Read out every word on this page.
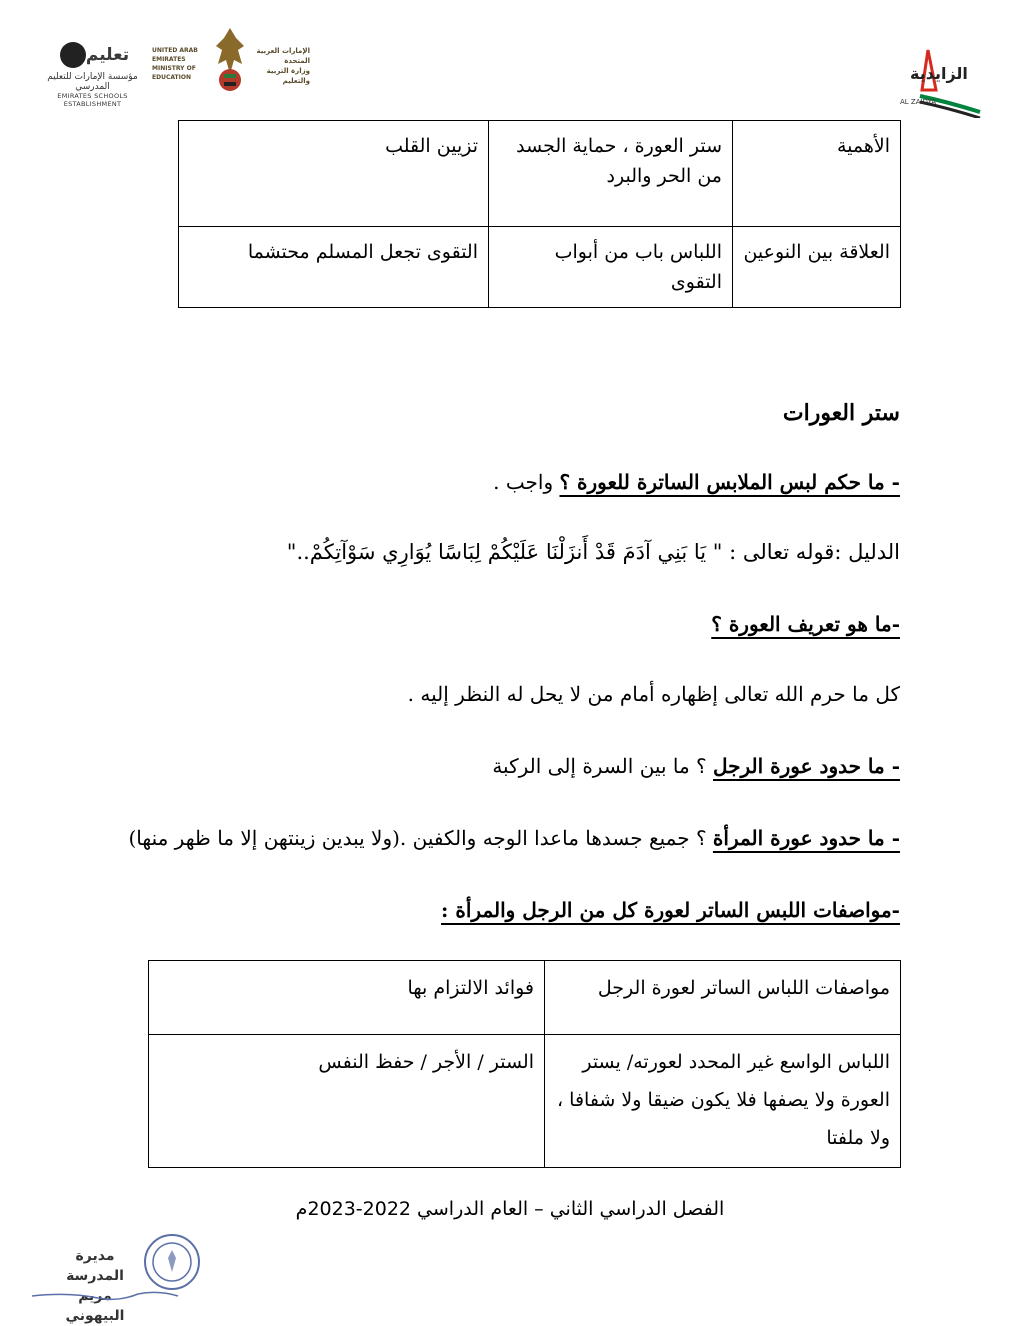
تعليم
مؤسسة الإمارات للتعليم المدرسي
EMIRATES SCHOOLS ESTABLISHMENT
UNITED ARAB EMIRATES
MINISTRY OF EDUCATION
الإمارات العربية المتحدة
وزارة التربية والتعليم	الزايدية
AL ZAIDYA
الأهمية	ستر العورة ، حماية الجسد من الحر والبرد	تزيين القلب
العلاقة بين النوعين	اللباس باب من أبواب التقوى	التقوى تجعل المسلم محتشما
ستر العورات
- ما حكم لبس الملابس الساترة للعورة ؟ واجب .
الدليل :قوله تعالى : " يَا بَنِي آدَمَ قَدْ أَنزَلْنَا عَلَيْكُمْ لِبَاسًا يُوَارِي سَوْآتِكُمْ.."
-ما هو تعريف العورة ؟
كل ما حرم الله تعالى إظهاره أمام من لا يحل له النظر إليه .
- ما حدود عورة الرجل ؟ ما بين السرة إلى الركبة
- ما حدود عورة المرأة ؟ جميع جسدها ماعدا الوجه والكفين .(ولا يبدين زينتهن إلا ما ظهر منها)
-مواصفات اللبس الساتر لعورة كل من الرجل والمرأة :
مواصفات اللباس الساتر لعورة الرجل	فوائد الالتزام بها
اللباس الواسع غير المحدد لعورته/ يستر العورة ولا يصفها فلا يكون ضيقا ولا شفافا ، ولا ملفتا	الستر / الأجر / حفظ النفس
الفصل الدراسي الثاني – العام الدراسي 2022-2023م
مديرة المدرسة
مريم البيهوني
